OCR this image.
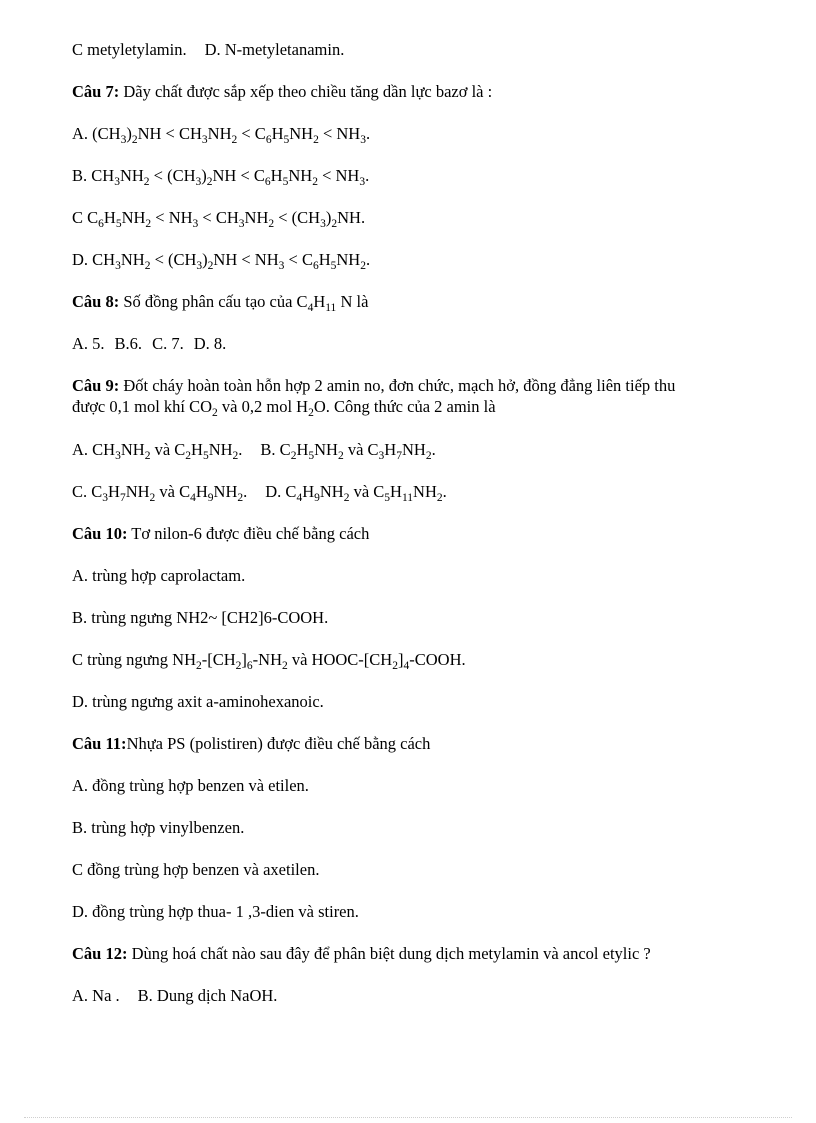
C metyletylamin. D. N-metyletanamin.
Câu 7: Dãy chất được sắp xếp theo chiều tăng dần lực bazơ là :
A. $(CH_3)_2NH < CH_3NH_2 < C_6H_5NH_2 < NH_3$.
B. $CH_3NH_2 < (CH_3)_2NH < C_6H_5NH_2 < NH_3$.
C $C_6H_5NH_2 < NH_3 < CH_3NH_2 < (CH_3)_2NH$.
D. $CH_3NH_2 < (CH_3)_2NH < NH_3 < C_6H_5NH_2$.
Câu 8: Số đồng phân cấu tạo của $C_4H_{11}$ N là
A. 5. B.6. C. 7. D. 8.
Câu 9: Đốt cháy hoàn toàn hỗn hợp 2 amin no, đơn chức, mạch hở, đồng đẳng liên tiếp thu
được 0,1 mol khí $CO_2$ và 0,2 mol $H_2O$. Công thức của 2 amin là
A. $CH_3NH_2$ và $C_2H_5NH_2$. B. $C_2H_5NH_2$ và $C_3H_7NH_2$.
C. $C_3H_7NH_2$ và $C_4H_9NH_2$. D. $C_4H_9NH_2$ và $C_5H_{11}NH_2$.
Câu 10: Tơ nilon-6 được điều chế bằng cách
A. trùng hợp caprolactam.
B. trùng ngưng NH2~ [CH2]6-COOH.
C trùng ngưng $NH_2-[CH_2]_6-NH_2$ và HOOC-$[CH_2]_4$-COOH.
D. trùng ngưng axit a-aminohexanoic.
Câu 11:Nhựa PS (polistiren) được điều chế bằng cách
A. đồng trùng hợp benzen và etilen.
B. trùng hợp vinylbenzen.
C đồng trùng hợp benzen và axetilen.
D. đồng trùng hợp thua- 1 ,3-dien và stiren.
Câu 12: Dùng hoá chất nào sau đây để phân biệt dung dịch metylamin và ancol etylic ?
A. Na . B. Dung dịch NaOH.
